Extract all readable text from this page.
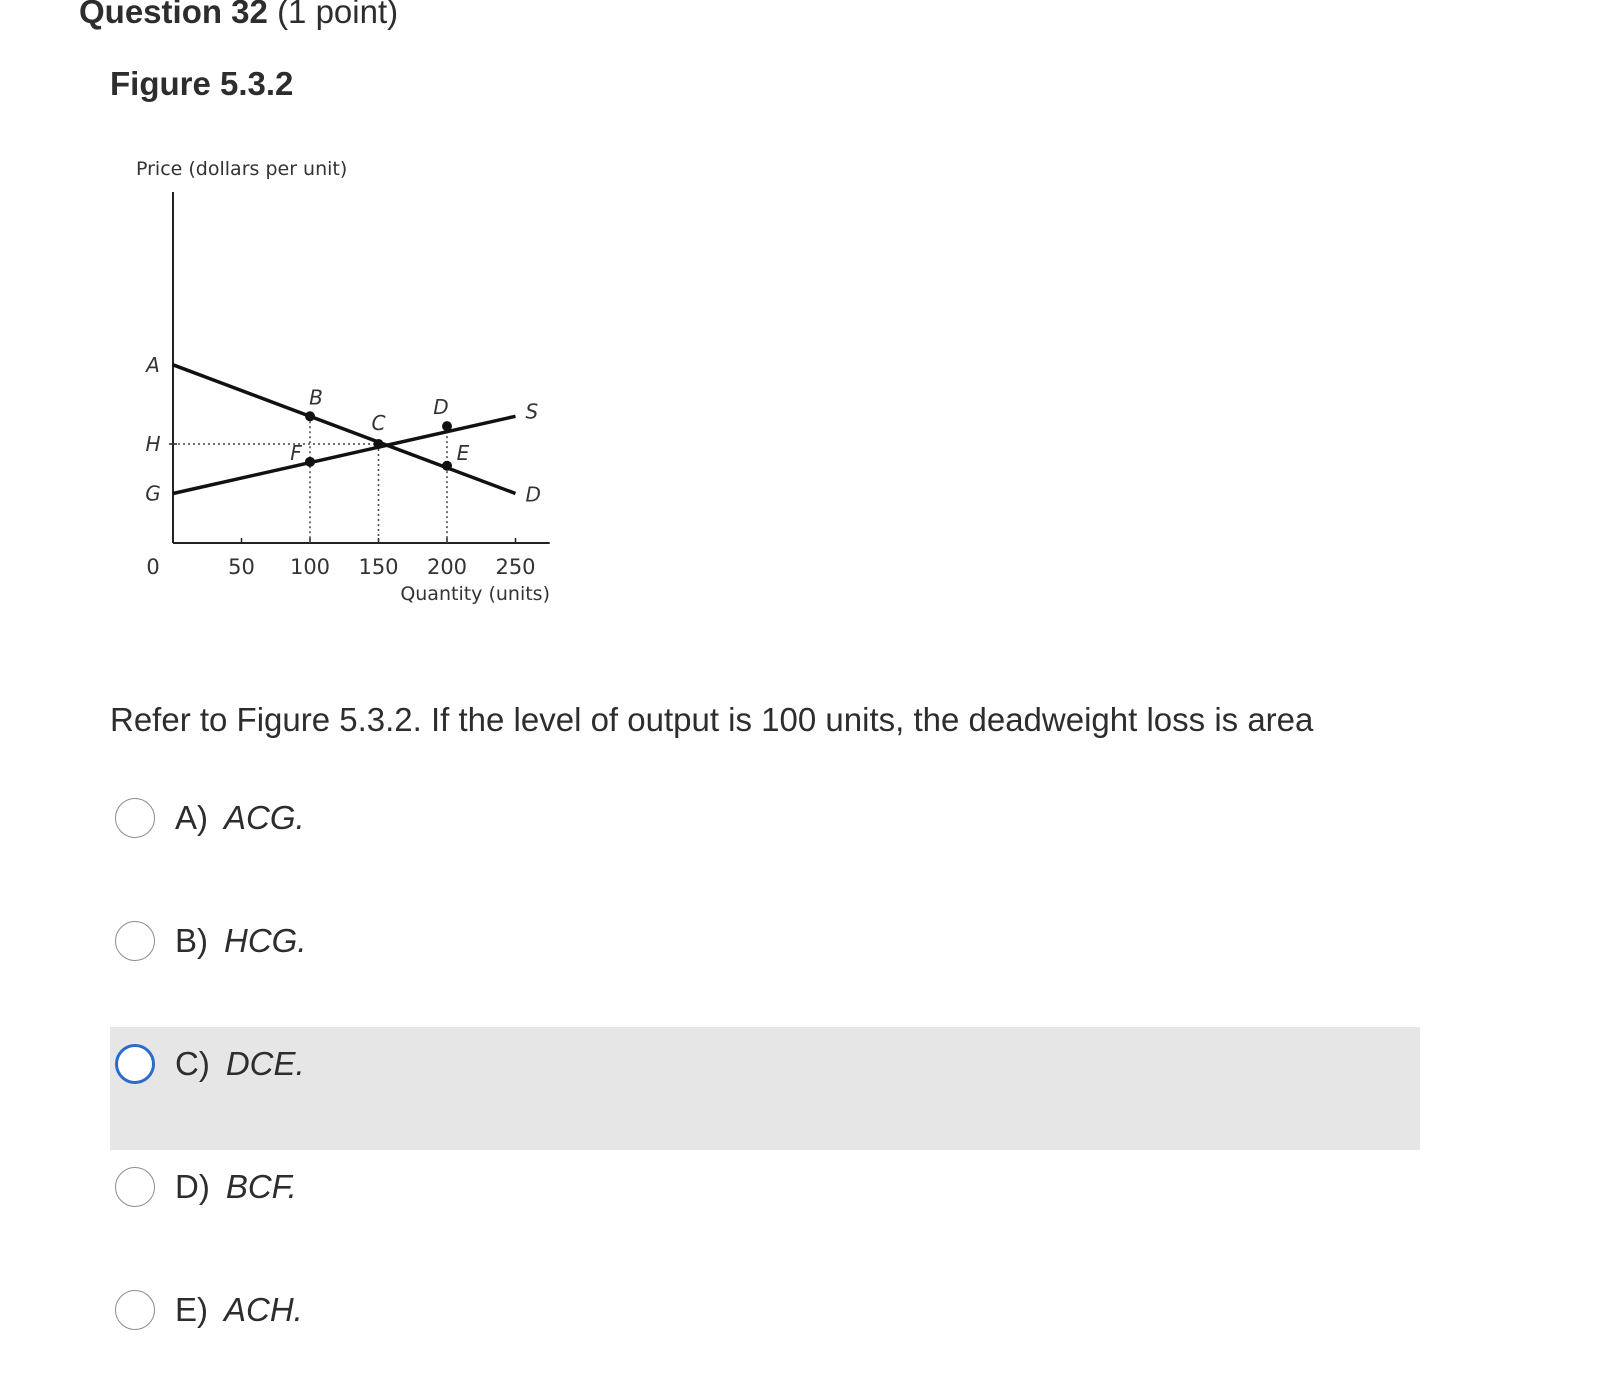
Question 32 (1 point)
Figure 5.3.2
Price (dollars per unit)
Quantity (units)
0	50 100 150 200 250
A
H
G	D
S
B
C
D
E
F
Refer to Figure 5.3.2. If the level of output is 100 units, the deadweight loss is area
A) ACG.
B) HCG.
C) DCE.
D) BCF.
E) ACH.
